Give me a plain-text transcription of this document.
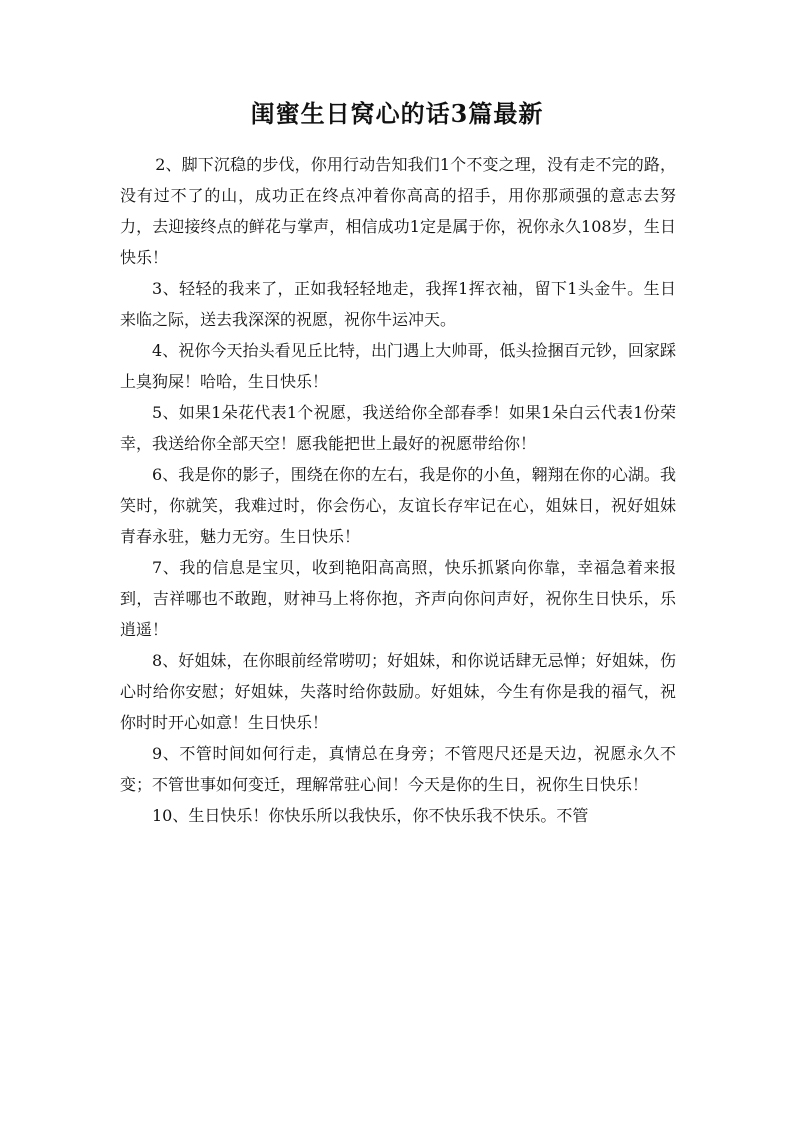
闺蜜生日窝心的话3篇最新

2、脚下沉稳的步伐，你用行动告知我们1个不变之理，没有走不完的路，没有过不了的山，成功正在终点冲着你高高的招手，用你那顽强的意志去努力，去迎接终点的鲜花与掌声，相信成功1定是属于你，祝你永久108岁，生日快乐！

3、轻轻的我来了，正如我轻轻地走，我挥1挥衣袖，留下1头金牛。生日来临之际，送去我深深的祝愿，祝你牛运冲天。

4、祝你今天抬头看见丘比特，出门遇上大帅哥，低头捡捆百元钞，回家踩上臭狗屎！哈哈，生日快乐！

5、如果1朵花代表1个祝愿，我送给你全部春季！如果1朵白云代表1份荣幸，我送给你全部天空！愿我能把世上最好的祝愿带给你！

6、我是你的影子，围绕在你的左右，我是你的小鱼，翱翔在你的心湖。我笑时，你就笑，我难过时，你会伤心，友谊长存牢记在心，姐妹日，祝好姐妹青春永驻，魅力无穷。生日快乐！

7、我的信息是宝贝，收到艳阳高高照，快乐抓紧向你靠，幸福急着来报到，吉祥哪也不敢跑，财神马上将你抱，齐声向你问声好，祝你生日快乐，乐逍遥！

8、好姐妹，在你眼前经常唠叨；好姐妹，和你说话肆无忌惮；好姐妹，伤心时给你安慰；好姐妹，失落时给你鼓励。好姐妹，今生有你是我的福气，祝你时时开心如意！生日快乐！

9、不管时间如何行走，真情总在身旁；不管咫尺还是天边，祝愿永久不变；不管世事如何变迁，理解常驻心间！今天是你的生日，祝你生日快乐！

10、生日快乐！你快乐所以我快乐，你不快乐我不快乐。不管
